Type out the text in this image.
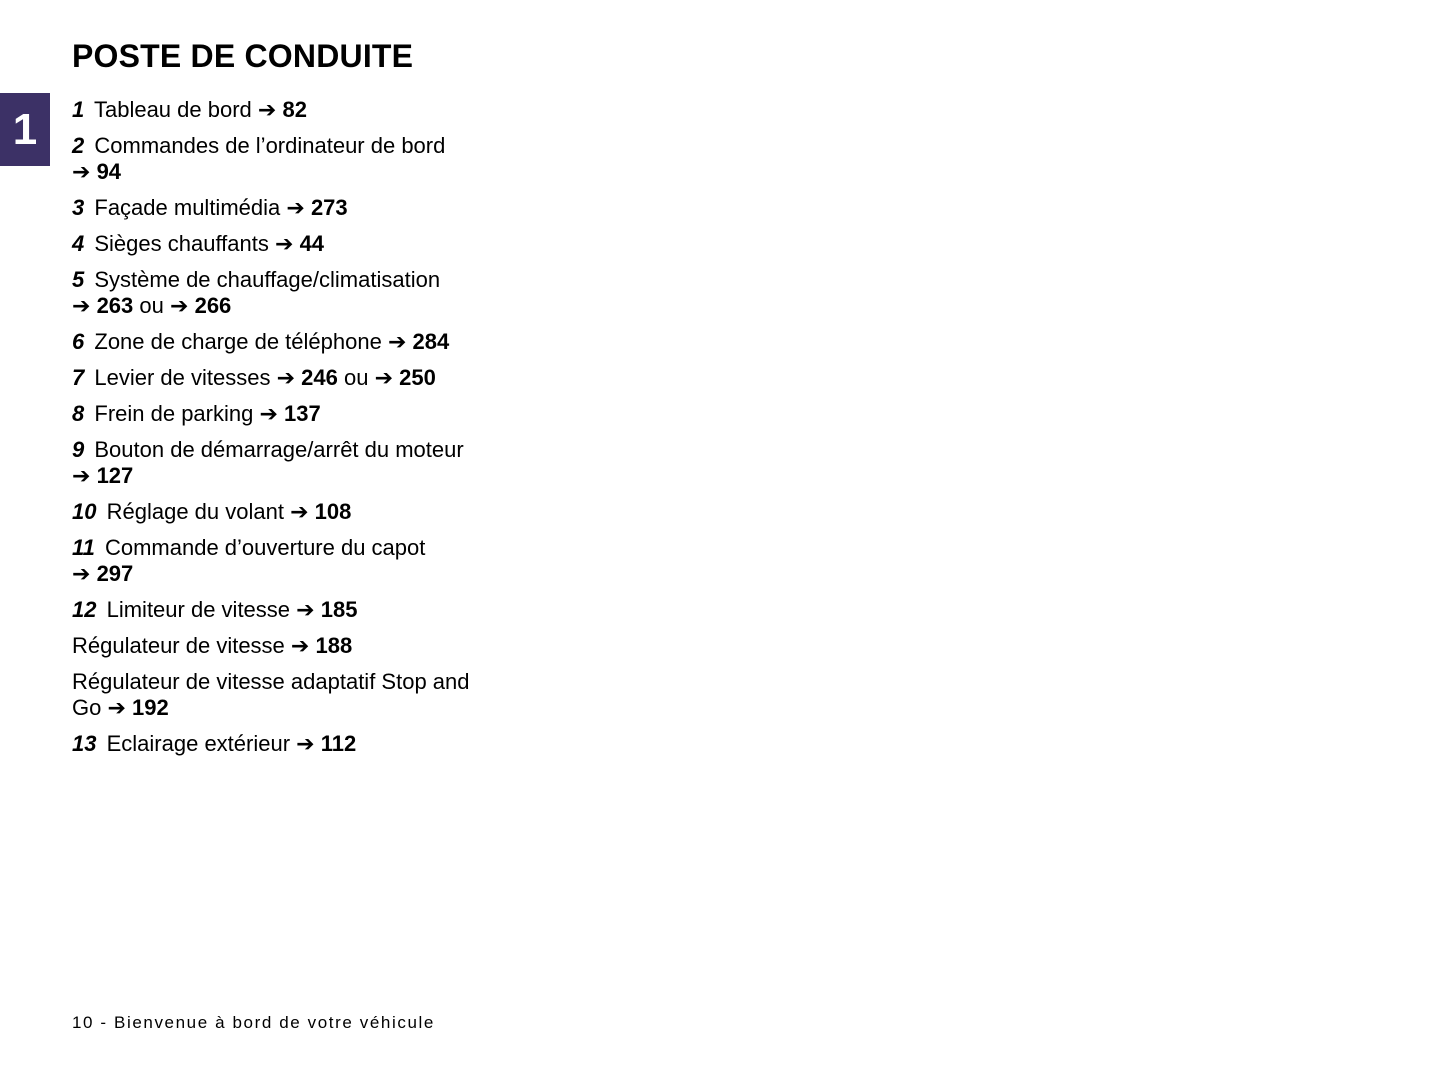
1
POSTE DE CONDUITE
1 Tableau de bord ➔ 82
2 Commandes de l’ordinateur de bord ➔ 94
3 Façade multimédia ➔ 273
4 Sièges chauffants ➔ 44
5 Système de chauffage/climatisation ➔ 263 ou ➔ 266
6 Zone de charge de téléphone ➔ 284
7 Levier de vitesses ➔ 246 ou ➔ 250
8 Frein de parking ➔ 137
9 Bouton de démarrage/arrêt du moteur ➔ 127
10 Réglage du volant ➔ 108
11 Commande d’ouverture du capot ➔ 297
12 Limiteur de vitesse ➔ 185
Régulateur de vitesse ➔ 188
Régulateur de vitesse adaptatif Stop and Go ➔ 192
13 Eclairage extérieur ➔ 112
10 - Bienvenue à bord de votre véhicule
